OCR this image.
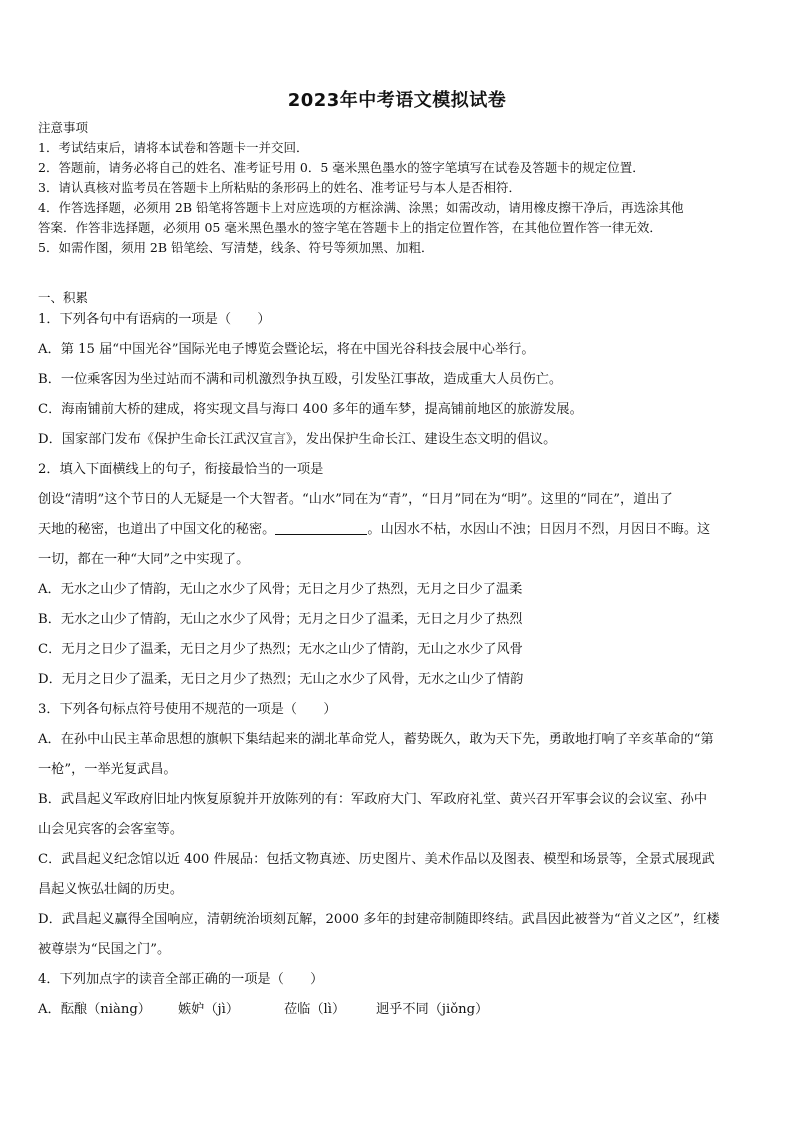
2023年中考语文模拟试卷

注意事项

1．考试结束后，请将本试卷和答题卡一并交回．

2．答题前，请务必将自己的姓名、准考证号用 0．5 毫米黑色墨水的签字笔填写在试卷及答题卡的规定位置．

3．请认真核对监考员在答题卡上所粘贴的条形码上的姓名、准考证号与本人是否相符．

4．作答选择题，必须用 2B 铅笔将答题卡上对应选项的方框涂满、涂黑；如需改动，请用橡皮擦干净后，再选涂其他

答案．作答非选择题，必须用 05 毫米黑色墨水的签字笔在答题卡上的指定位置作答，在其他位置作答一律无效．

5．如需作图，须用 2B 铅笔绘、写清楚，线条、符号等须加黑、加粗．

一、积累

1．下列各句中有语病的一项是（　　）

A．第 15 届“中国光谷”国际光电子博览会暨论坛，将在中国光谷科技会展中心举行。

B．一位乘客因为坐过站而不满和司机激烈争执互殴，引发坠江事故，造成重大人员伤亡。

C．海南铺前大桥的建成，将实现文昌与海口 400 多年的通车梦，提高铺前地区的旅游发展。

D．国家部门发布《保护生命长江武汉宣言》，发出保护生命长江、建设生态文明的倡议。

2．填入下面横线上的句子，衔接最恰当的一项是

创设“清明”这个节日的人无疑是一个大智者。“山水”同在为“青”，“日月”同在为“明”。这里的“同在”，道出了

天地的秘密，也道出了中国文化的秘密。	。山因水不枯，水因山不浊；日因月不烈，月因日不晦。这

一切，都在一种“大同”之中实现了。

A．无水之山少了情韵，无山之水少了风骨；无日之月少了热烈，无月之日少了温柔

B．无水之山少了情韵，无山之水少了风骨；无月之日少了温柔，无日之月少了热烈

C．无月之日少了温柔，无日之月少了热烈；无水之山少了情韵，无山之水少了风骨

D．无月之日少了温柔，无日之月少了热烈；无山之水少了风骨，无水之山少了情韵

3．下列各句标点符号使用不规范的一项是（　　）

A．在孙中山民主革命思想的旗帜下集结起来的湖北革命党人，蓄势既久，敢为天下先，勇敢地打响了辛亥革命的“第

一枪”，一举光复武昌。

B．武昌起义军政府旧址内恢复原貌并开放陈列的有：军政府大门、军政府礼堂、黄兴召开军事会议的会议室、孙中

山会见宾客的会客室等。

C．武昌起义纪念馆以近 400 件展品：包括文物真迹、历史图片、美术作品以及图表、模型和场景等，全景式展现武

昌起义恢弘壮阔的历史。

D．武昌起义赢得全国响应，清朝统治顷刻瓦解，2000 多年的封建帝制随即终结。武昌因此被誉为“首义之区”，红楼

被尊崇为“民国之门”。

4．下列加点字的读音全部正确的一项是（　　）

A．酝酿（niàng） 嫉妒（jì）	莅临（lì） 迥乎不同（jiǒng）
